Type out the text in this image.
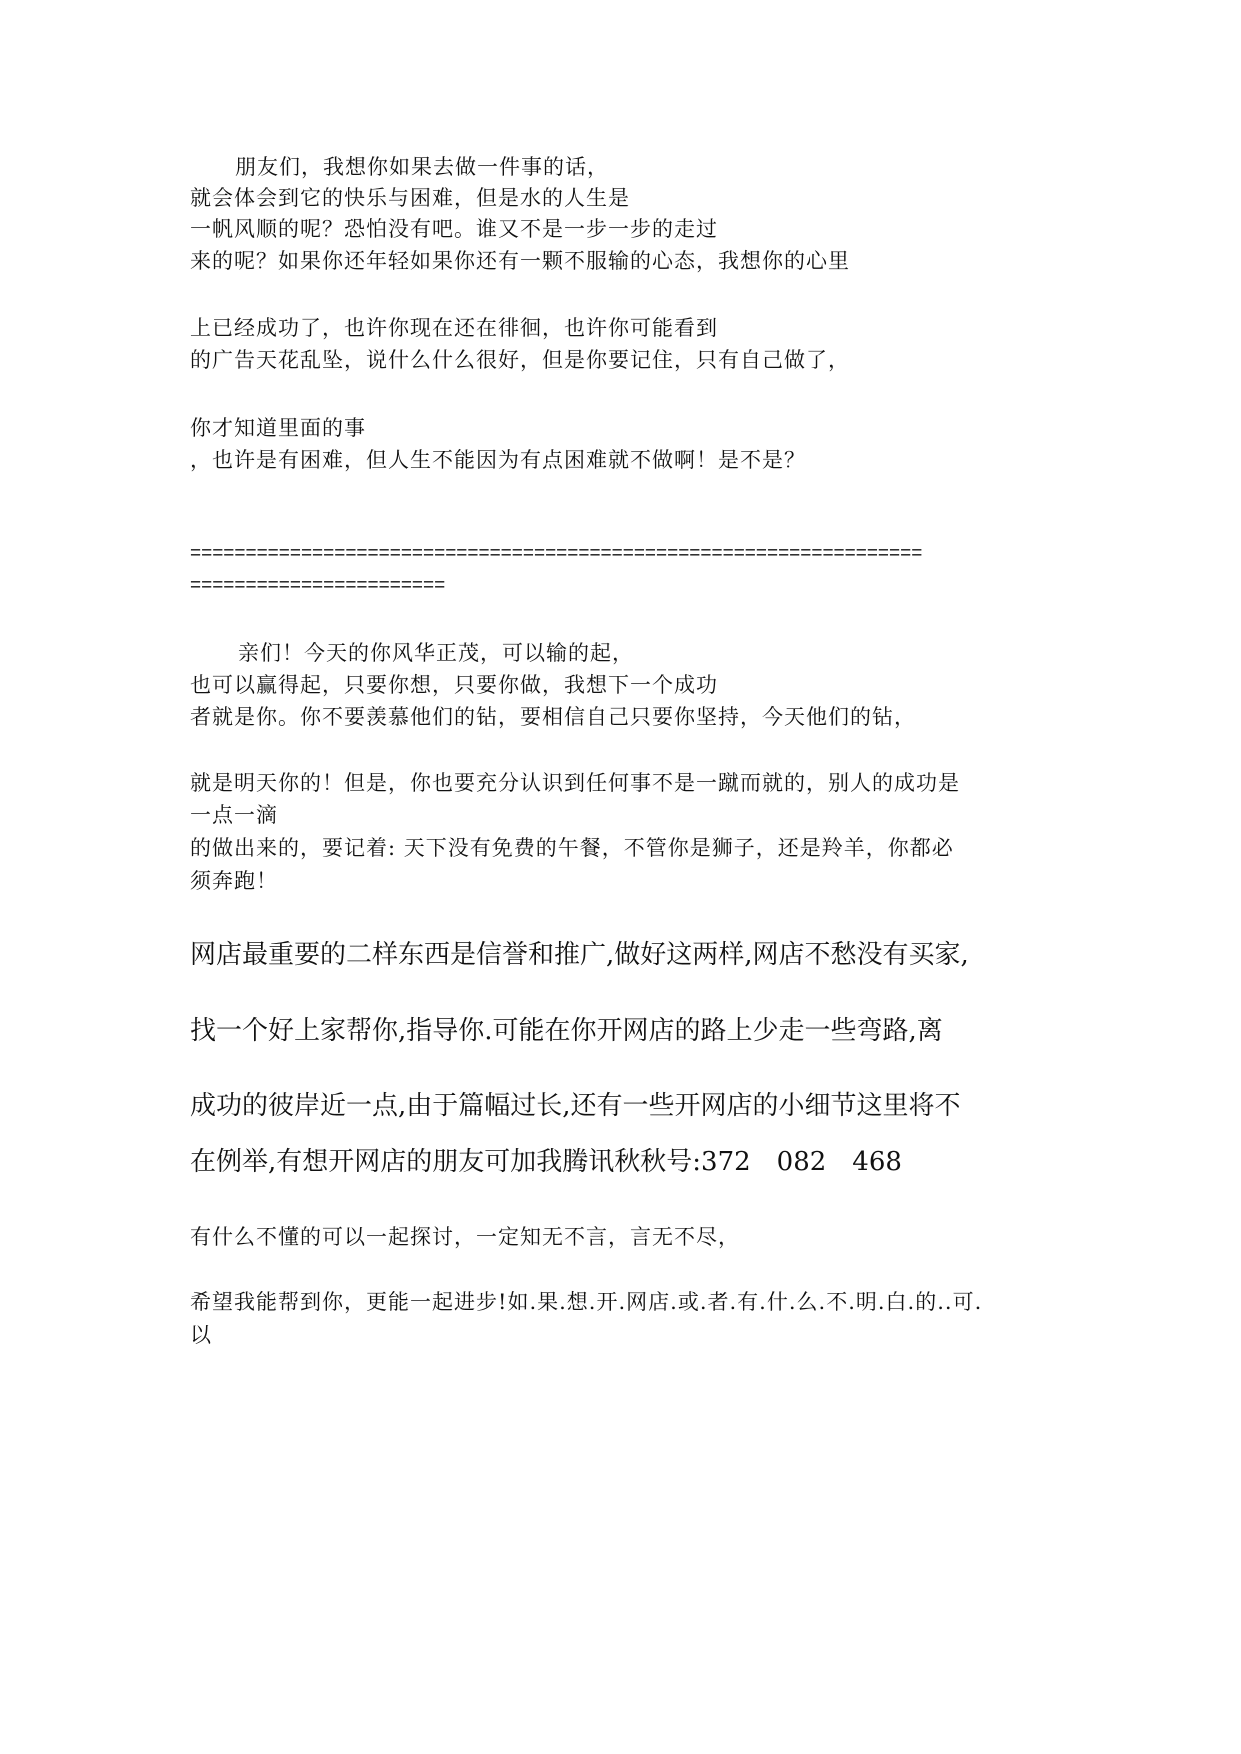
朋友们，我想你如果去做一件事的话，
就会体会到它的快乐与困难，但是水的人生是
一帆风顺的呢？恐怕没有吧。谁又不是一步一步的走过
来的呢？如果你还年轻如果你还有一颗不服输的心态，我想你的心里
上已经成功了，也许你现在还在徘徊，也许你可能看到
的广告天花乱坠，说什么什么很好，但是你要记住，只有自己做了，
你才知道里面的事
，也许是有困难，但人生不能因为有点困难就不做啊！是不是？
==================================================================
=======================
亲们！今天的你风华正茂，可以输的起，
也可以赢得起，只要你想，只要你做，我想下一个成功
者就是你。你不要羡慕他们的钻，要相信自己只要你坚持，今天他们的钻，
就是明天你的！但是，你也要充分认识到任何事不是一蹴而就的，别人的成功是
一点一滴
的做出来的，要记着: 天下没有免费的午餐，不管你是狮子，还是羚羊，你都必
须奔跑！
网店最重要的二样东西是信誉和推广,做好这两样,网店不愁没有买家,
找一个好上家帮你,指导你.可能在你开网店的路上少走一些弯路,离
成功的彼岸近一点,由于篇幅过长,还有一些开网店的小细节这里将不
在例举,有想开网店的朋友可加我腾讯秋秋号:372　082　468
有什么不懂的可以一起探讨，一定知无不言，言无不尽，
希望我能帮到你，更能一起进步!如.果.想.开.网店.或.者.有.什.么.不.明.白.的..可.
以
